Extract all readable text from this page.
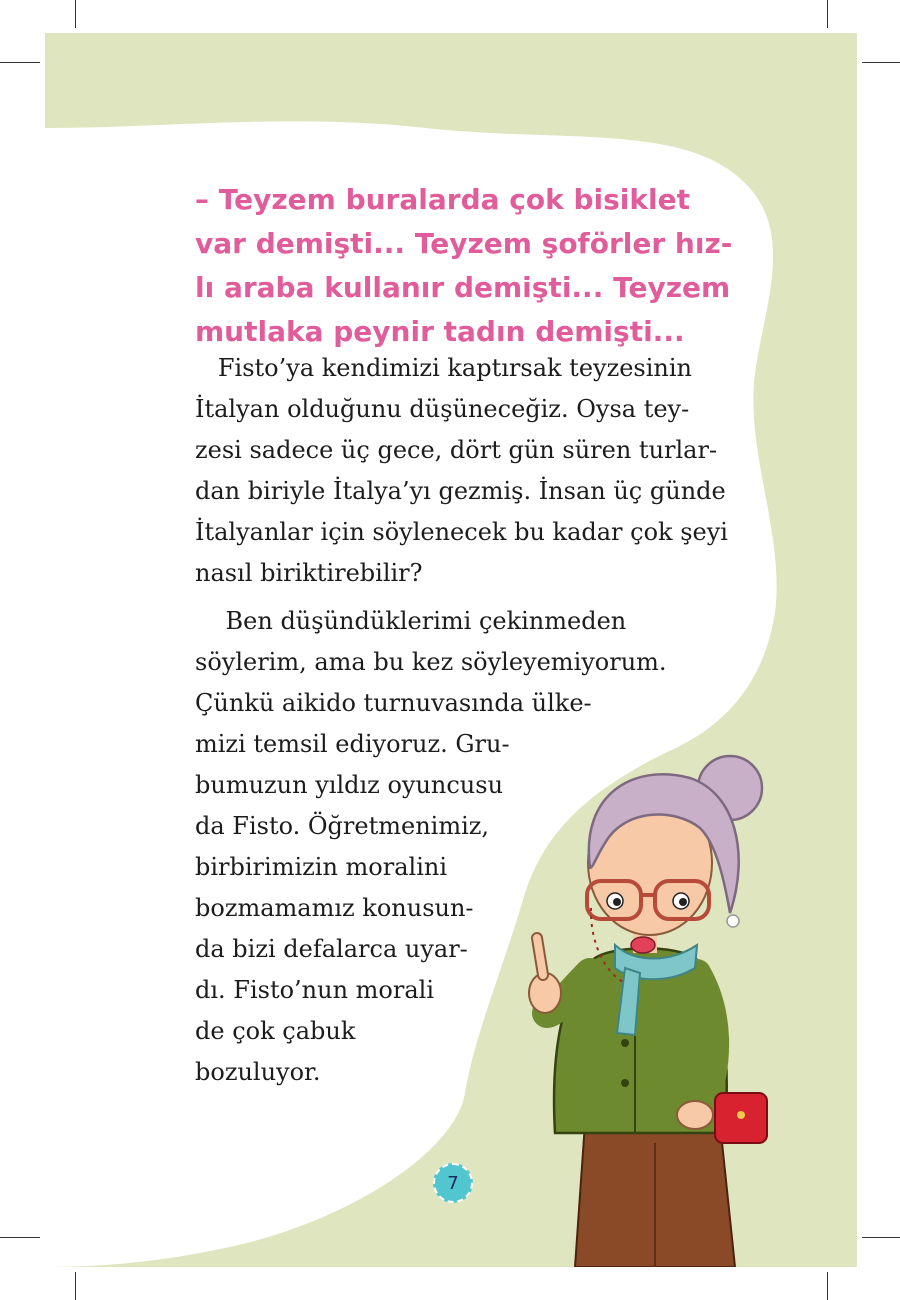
– Teyzem buralarda çok bisiklet
var demişti... Teyzem şoförler hız-
lı araba kullanır demişti... Teyzem
mutlaka peynir tadın demişti...
Fisto’ya kendimizi kaptırsak teyzesinin
İtalyan olduğunu düşüneceğiz. Oysa tey-
zesi sadece üç gece, dört gün süren turlar-
dan biriyle İtalya’yı gezmiş. İnsan üç günde
İtalyanlar için söylenecek bu kadar çok şeyi
nasıl biriktirebilir?
Ben düşündüklerimi çekinmeden
söylerim, ama bu kez söyleyemiyorum.
Çünkü aikido turnuvasında ülke-
mizi temsil ediyoruz. Gru-
bumuzun yıldız oyuncusu
da Fisto. Öğretmenimiz,
birbirimizin moralini
bozmamamız konusun-
da bizi defalarca uyar-
dı. Fisto’nun morali
de çok çabuk
bozuluyor.
7
